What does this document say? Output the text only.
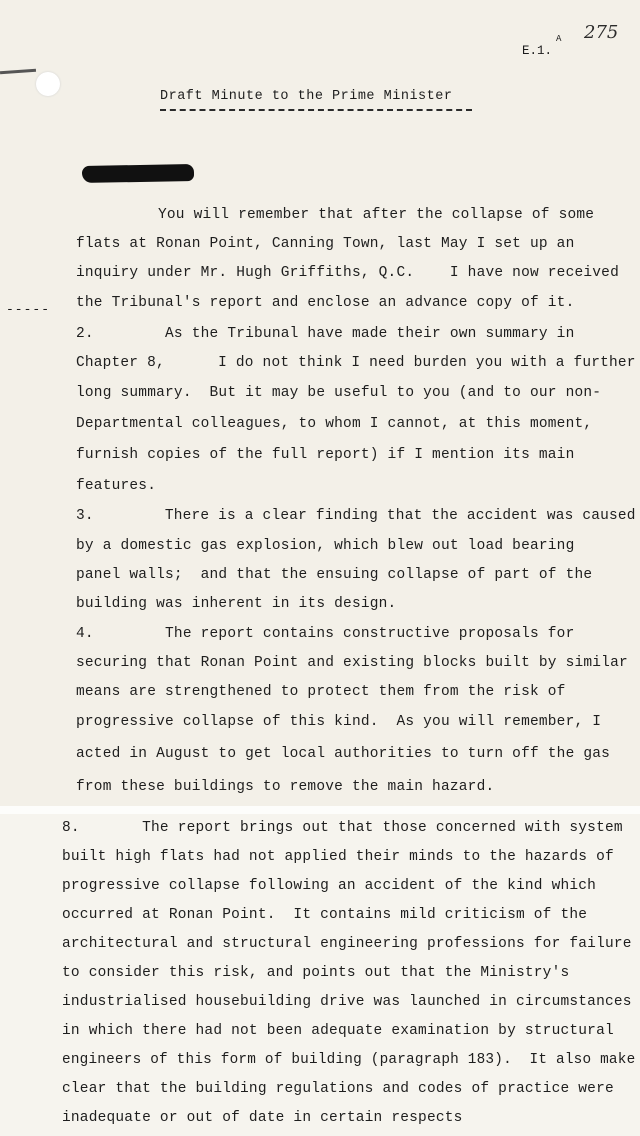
275
A
E.1.
Draft Minute to the Prime Minister
-----
You will remember that after the collapse of some
flats at Ronan Point, Canning Town, last May I set up an
inquiry under Mr. Hugh Griffiths, Q.C.    I have now received
the Tribunal's report and enclose an advance copy of it.
2.        As the Tribunal have made their own summary in
Chapter 8,      I do not think I need burden you with a further
long summary.  But it may be useful to you (and to our non-
Departmental colleagues, to whom I cannot, at this moment,
furnish copies of the full report) if I mention its main
features.
3.        There is a clear finding that the accident was caused
by a domestic gas explosion, which blew out load bearing
panel walls;  and that the ensuing collapse of part of the
building was inherent in its design.
4.        The report contains constructive proposals for
securing that Ronan Point and existing blocks built by similar
means are strengthened to protect them from the risk of
progressive collapse of this kind.  As you will remember, I
acted in August to get local authorities to turn off the gas
from these buildings to remove the main hazard.
8.       The report brings out that those concerned with system
built high flats had not applied their minds to the hazards of
progressive collapse following an accident of the kind which
occurred at Ronan Point.  It contains mild criticism of the
architectural and structural engineering professions for failure
to consider this risk, and points out that the Ministry's
industrialised housebuilding drive was launched in circumstances
in which there had not been adequate examination by structural
engineers of this form of building (paragraph 183).  It also make
clear that the building regulations and codes of practice were
inadequate or out of date in certain respects
